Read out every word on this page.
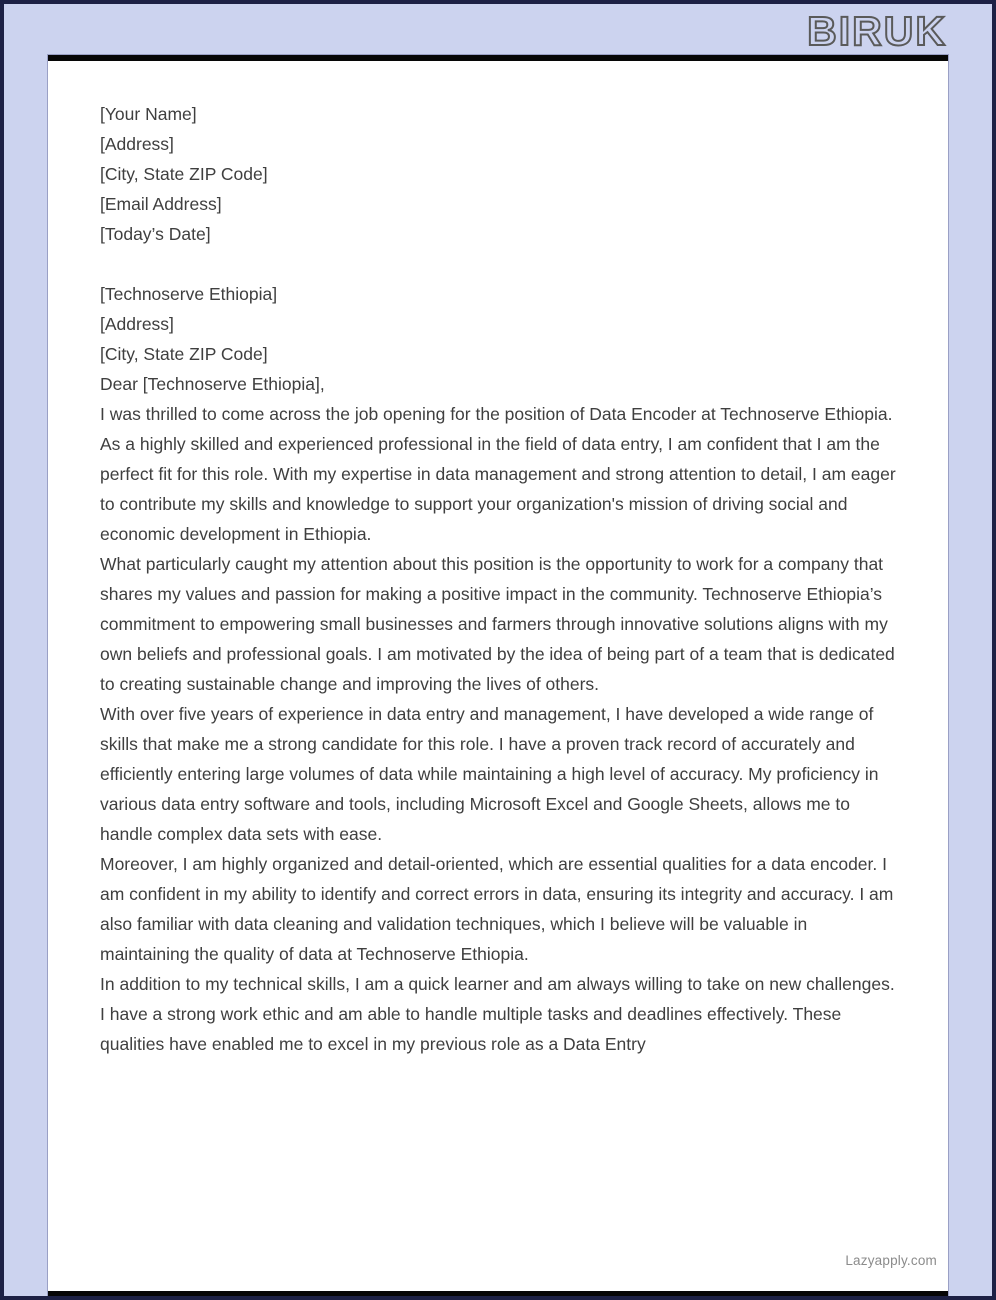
BIRUK

[Your Name]

[Address]

[City, State ZIP Code]

[Email Address]

[Today’s Date]

[Technoserve Ethiopia]

[Address]

[City, State ZIP Code]

Dear [Technoserve Ethiopia],

I was thrilled to come across the job opening for the position of Data Encoder at Technoserve Ethiopia. As a highly skilled and experienced professional in the field of data entry, I am confident that I am the perfect fit for this role. With my expertise in data management and strong attention to detail, I am eager to contribute my skills and knowledge to support your organization's mission of driving social and economic development in Ethiopia.

What particularly caught my attention about this position is the opportunity to work for a company that shares my values and passion for making a positive impact in the community. Technoserve Ethiopia’s commitment to empowering small businesses and farmers through innovative solutions aligns with my own beliefs and professional goals. I am motivated by the idea of being part of a team that is dedicated to creating sustainable change and improving the lives of others.

With over five years of experience in data entry and management, I have developed a wide range of skills that make me a strong candidate for this role. I have a proven track record of accurately and efficiently entering large volumes of data while maintaining a high level of accuracy. My proficiency in various data entry software and tools, including Microsoft Excel and Google Sheets, allows me to handle complex data sets with ease.

Moreover, I am highly organized and detail-oriented, which are essential qualities for a data encoder. I am confident in my ability to identify and correct errors in data, ensuring its integrity and accuracy. I am also familiar with data cleaning and validation techniques, which I believe will be valuable in maintaining the quality of data at Technoserve Ethiopia.

In addition to my technical skills, I am a quick learner and am always willing to take on new challenges. I have a strong work ethic and am able to handle multiple tasks and deadlines effectively. These qualities have enabled me to excel in my previous role as a Data Entry

Lazyapply.com
